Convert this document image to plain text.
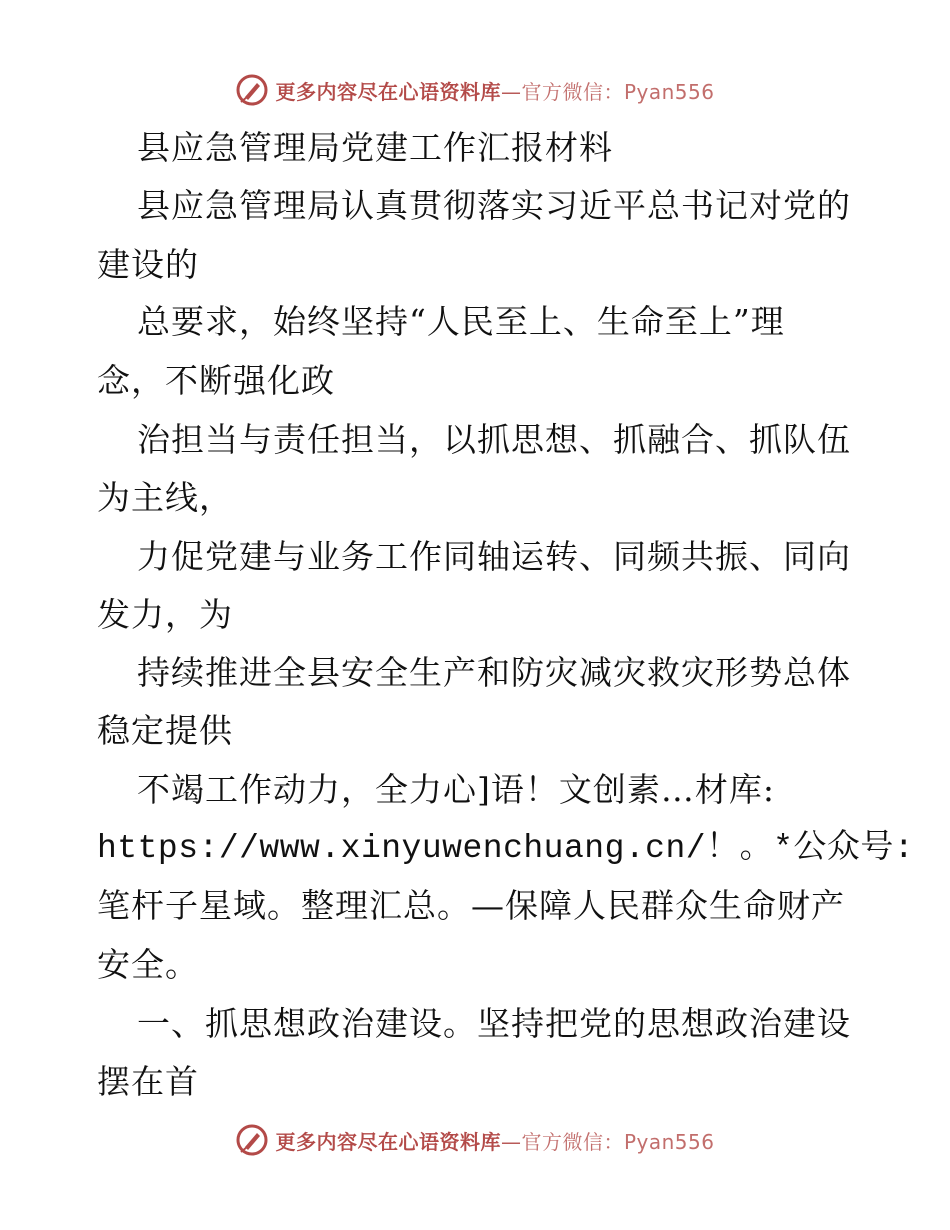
更多内容尽在心语资料库—官方微信：Pyan556
县应急管理局党建工作汇报材料
县应急管理局认真贯彻落实习近平总书记对党的
建设的
总要求，始终坚持“人民至上、生命至上”理
念，不断强化政
治担当与责任担当，以抓思想、抓融合、抓队伍
为主线，
力促党建与业务工作同轴运转、同频共振、同向
发力，为
持续推进全县安全生产和防灾减灾救灾形势总体
稳定提供
不竭工作动力，全力心]语！文创素…材库:
https://www.xinyuwenchuang.cn/！。*公众号:
笔杆子星域。整理汇总。—保障人民群众生命财产
安全。
一、抓思想政治建设。坚持把党的思想政治建设
摆在首
更多内容尽在心语资料库—官方微信：Pyan556
